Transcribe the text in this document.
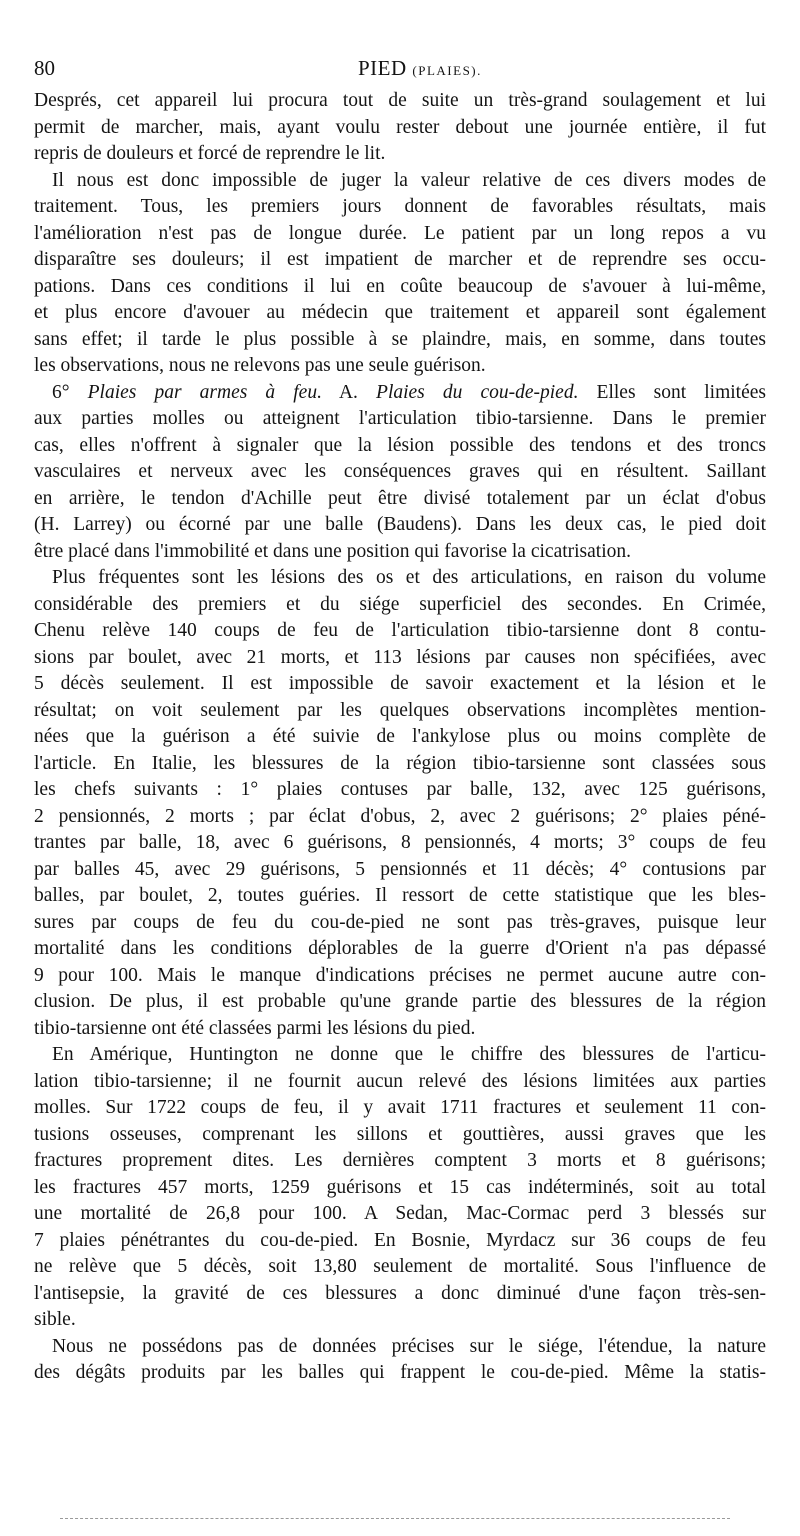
80	PIED (PLAIES).
Després, cet appareil lui procura tout de suite un très-grand soulagement et lui
permit de marcher, mais, ayant voulu rester debout une journée entière, il fut
repris de douleurs et forcé de reprendre le lit.
Il nous est donc impossible de juger la valeur relative de ces divers modes de
traitement. Tous, les premiers jours donnent de favorables résultats, mais
l'amélioration n'est pas de longue durée. Le patient par un long repos a vu
disparaître ses douleurs; il est impatient de marcher et de reprendre ses occu-
pations. Dans ces conditions il lui en coûte beaucoup de s'avouer à lui-même,
et plus encore d'avouer au médecin que traitement et appareil sont également
sans effet; il tarde le plus possible à se plaindre, mais, en somme, dans toutes
les observations, nous ne relevons pas une seule guérison.
6° Plaies par armes à feu. A. Plaies du cou-de-pied. Elles sont limitées
aux parties molles ou atteignent l'articulation tibio-tarsienne. Dans le premier
cas, elles n'offrent à signaler que la lésion possible des tendons et des troncs
vasculaires et nerveux avec les conséquences graves qui en résultent. Saillant
en arrière, le tendon d'Achille peut être divisé totalement par un éclat d'obus
(H. Larrey) ou écorné par une balle (Baudens). Dans les deux cas, le pied doit
être placé dans l'immobilité et dans une position qui favorise la cicatrisation.
Plus fréquentes sont les lésions des os et des articulations, en raison du volume
considérable des premiers et du siége superficiel des secondes. En Crimée,
Chenu relève 140 coups de feu de l'articulation tibio-tarsienne dont 8 contu-
sions par boulet, avec 21 morts, et 113 lésions par causes non spécifiées, avec
5 décès seulement. Il est impossible de savoir exactement et la lésion et le
résultat; on voit seulement par les quelques observations incomplètes mention-
nées que la guérison a été suivie de l'ankylose plus ou moins complète de
l'article. En Italie, les blessures de la région tibio-tarsienne sont classées sous
les chefs suivants : 1° plaies contuses par balle, 132, avec 125 guérisons,
2 pensionnés, 2 morts ; par éclat d'obus, 2, avec 2 guérisons; 2° plaies péné-
trantes par balle, 18, avec 6 guérisons, 8 pensionnés, 4 morts; 3° coups de feu
par balles 45, avec 29 guérisons, 5 pensionnés et 11 décès; 4° contusions par
balles, par boulet, 2, toutes guéries. Il ressort de cette statistique que les bles-
sures par coups de feu du cou-de-pied ne sont pas très-graves, puisque leur
mortalité dans les conditions déplorables de la guerre d'Orient n'a pas dépassé
9 pour 100. Mais le manque d'indications précises ne permet aucune autre con-
clusion. De plus, il est probable qu'une grande partie des blessures de la région
tibio-tarsienne ont été classées parmi les lésions du pied.
En Amérique, Huntington ne donne que le chiffre des blessures de l'articu-
lation tibio-tarsienne; il ne fournit aucun relevé des lésions limitées aux parties
molles. Sur 1722 coups de feu, il y avait 1711 fractures et seulement 11 con-
tusions osseuses, comprenant les sillons et gouttières, aussi graves que les
fractures proprement dites. Les dernières comptent 3 morts et 8 guérisons;
les fractures 457 morts, 1259 guérisons et 15 cas indéterminés, soit au total
une mortalité de 26,8 pour 100. A Sedan, Mac-Cormac perd 3 blessés sur
7 plaies pénétrantes du cou-de-pied. En Bosnie, Myrdacz sur 36 coups de feu
ne relève que 5 décès, soit 13,80 seulement de mortalité. Sous l'influence de
l'antisepsie, la gravité de ces blessures a donc diminué d'une façon très-sen-
sible.
Nous ne possédons pas de données précises sur le siége, l'étendue, la nature
des dégâts produits par les balles qui frappent le cou-de-pied. Même la statis-
